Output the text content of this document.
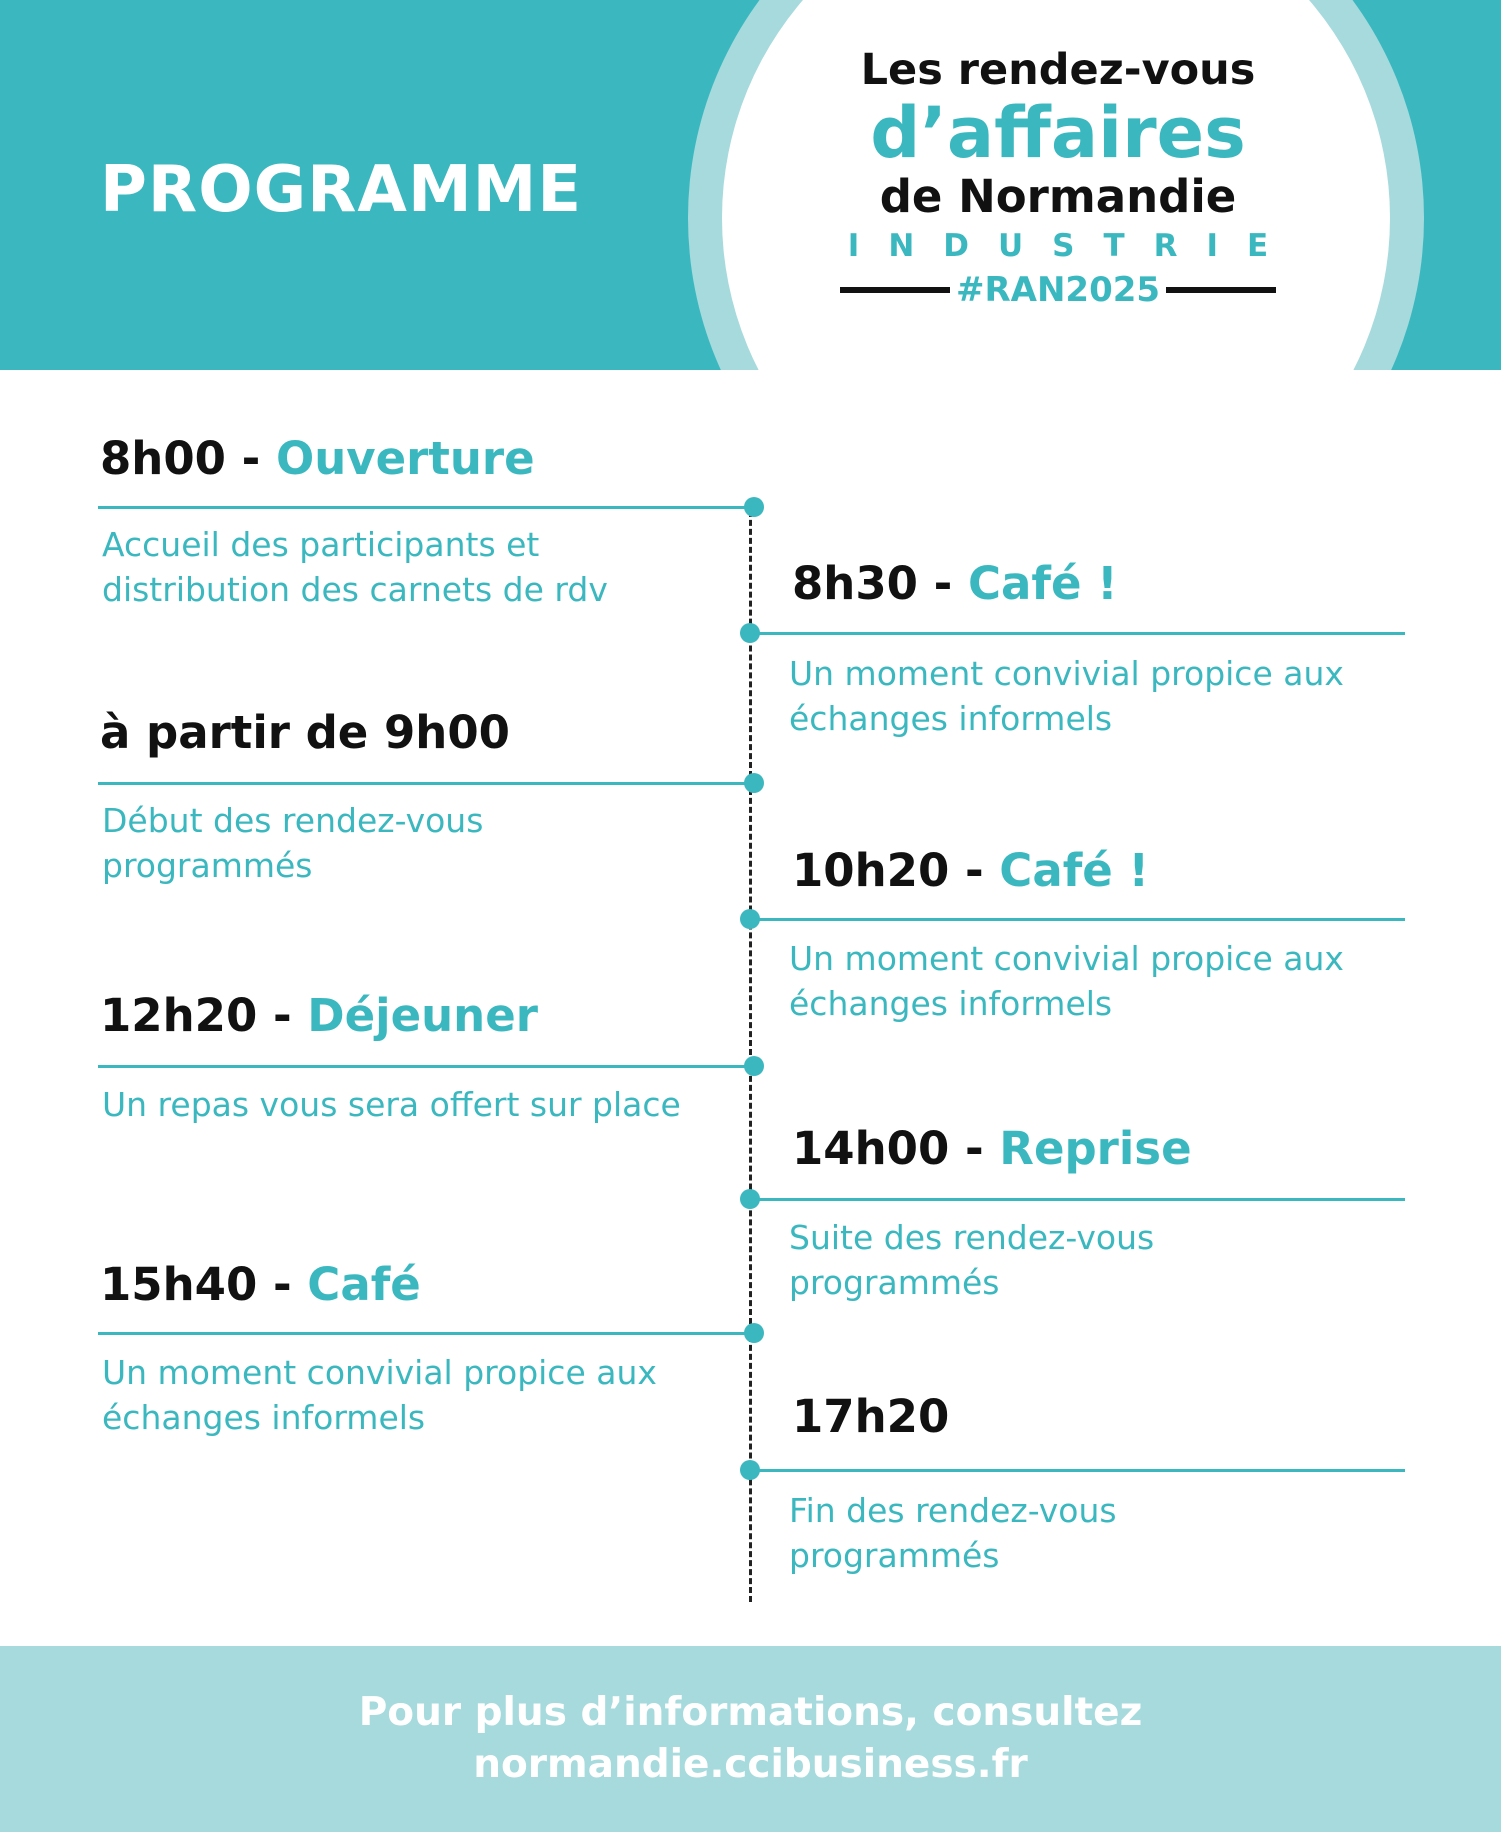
PROGRAMME
Les rendez-vous
d’affaires
de Normandie
INDUSTRIE
#RAN2025
8h00 - Ouverture

Accueil des participants et distribution des carnets de rdv

à partir de 9h00

Début des rendez-vous programmés

12h20 - Déjeuner

Un repas vous sera offert sur place

15h40 - Café

Un moment convivial propice aux échanges informels

8h30 - Café !

Un moment convivial propice aux échanges informels

10h20 - Café !

Un moment convivial propice aux échanges informels

14h00 - Reprise

Suite des rendez-vous programmés

17h20

Fin des rendez-vous programmés

Pour plus d’informations, consultez
normandie.ccibusiness.fr
